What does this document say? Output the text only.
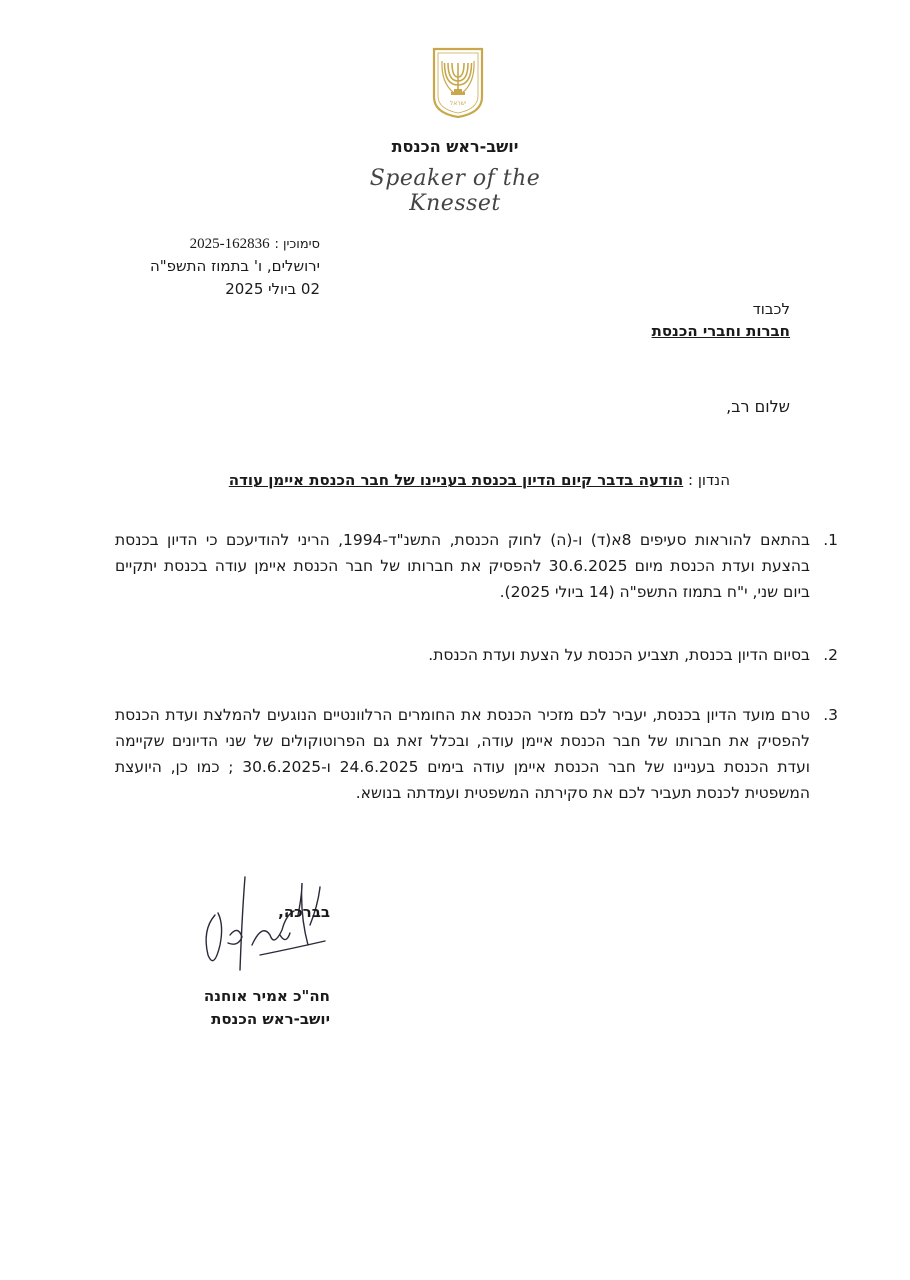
ישראל
יושב-ראש הכנסת
Speaker of the Knesset
סימוכין : 2025-162836
ירושלים, ו' בתמוז התשפ"ה
02 ביולי 2025
לכבוד
חברות וחברי הכנסת
שלום רב,
הנדון : הודעה בדבר קיום הדיון בכנסת בעניינו של חבר הכנסת איימן עודה
1.
בהתאם להוראות סעיפים 8א(ד) ו-(ה) לחוק הכנסת, התשנ"ד-1994, הריני להודיעכם כי הדיון בכנסת בהצעת ועדת הכנסת מיום 30.6.2025 להפסיק את חברותו של חבר הכנסת איימן עודה בכנסת יתקיים ביום שני, י"ח בתמוז התשפ"ה (14 ביולי 2025).
2.
בסיום הדיון בכנסת, תצביע הכנסת על הצעת ועדת הכנסת.
3.
טרם מועד הדיון בכנסת, יעביר לכם מזכיר הכנסת את החומרים הרלוונטיים הנוגעים להמלצת ועדת הכנסת להפסיק את חברותו של חבר הכנסת איימן עודה, ובכלל זאת גם הפרוטוקולים של שני הדיונים שקיימה ועדת הכנסת בעניינו של חבר הכנסת איימן עודה בימים 24.6.2025 ו-30.6.2025 ; כמו כן, היועצת המשפטית לכנסת תעביר לכם את סקירתה המשפטית ועמדתה בנושא.
בברכה,
חה"כ אמיר אוחנה
יושב-ראש הכנסת
